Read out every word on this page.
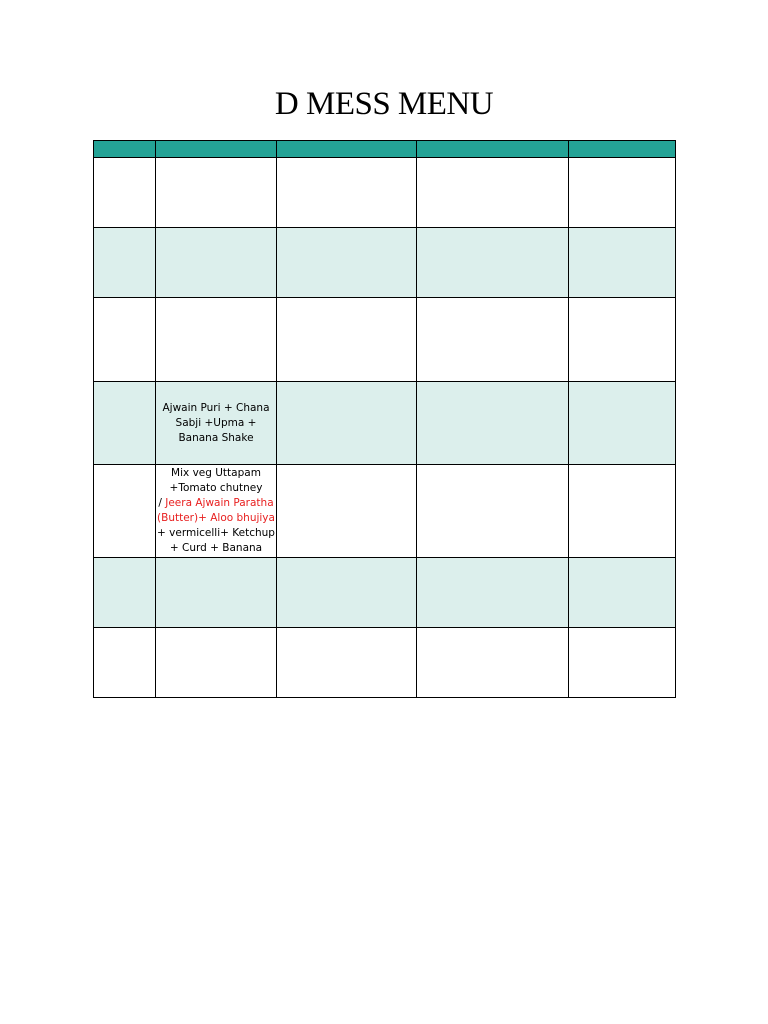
D MESS MENU

	Ajwain Puri + Chana Sabji +Upma + Banana Shake			

	Mix veg Uttapam +Tomato chutney
/ Jeera Ajwain Paratha (Butter)+ Aloo bhujiya
+ vermicelli+ Ketchup + Curd + Banana			
